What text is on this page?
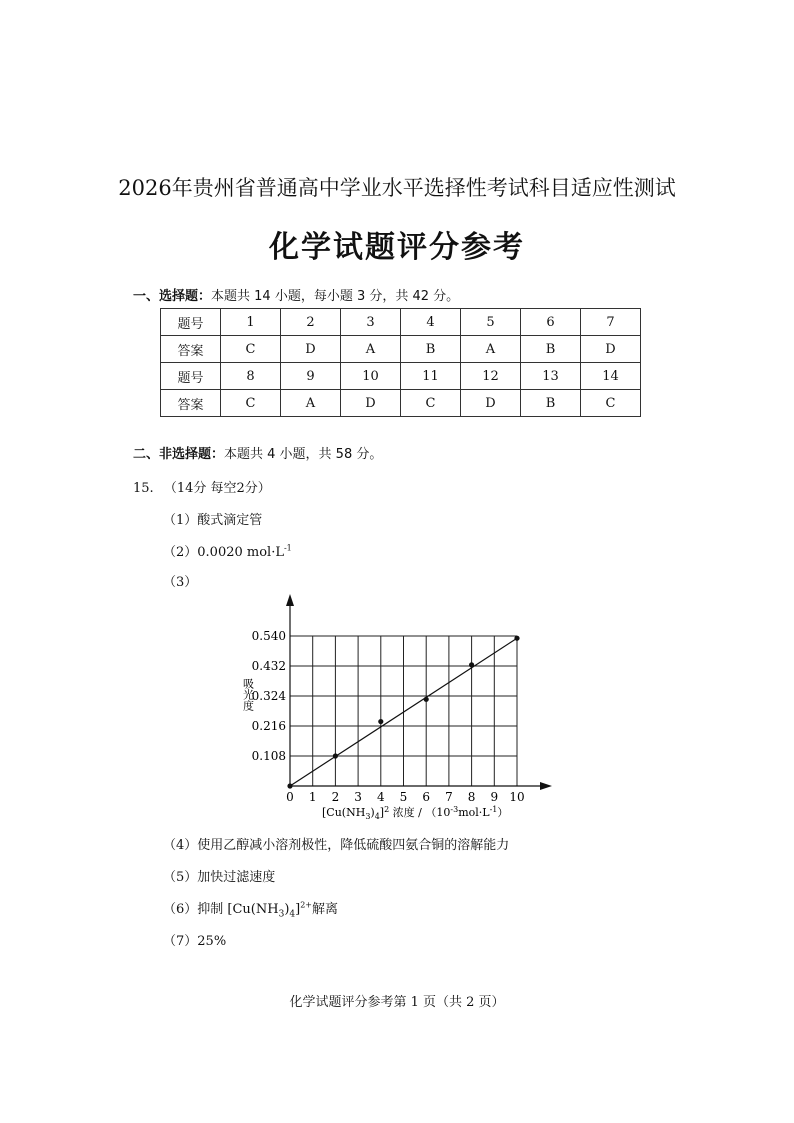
2026年贵州省普通高中学业水平选择性考试科目适应性测试
化学试题评分参考
一、选择题：本题共 14 小题，每小题 3 分，共 42 分。
题号	1	2	3	4	5	6	7
答案	C	D	A	B	A	B	D
题号	8	9	10	11	12	13	14
答案	C	A	D	C	D	B	C
二、非选择题：本题共 4 小题，共 58 分。
15. （14分 每空2分）
（1）酸式滴定管
（2）0.0020 $mol\cdot L^{-1}$
（3）
0 1 2 3 4 5 6 7 8 9 10
0.108
0.216
0.324
0.432
0.540
吸光度
$[Cu(NH_3)_4]^2$ 浓度 / $(10^{-3}mol\cdot L^{-1})$
（4）使用乙醇减小溶剂极性，降低硫酸四氨合铜的溶解能力
（5）加快过滤速度
（6）抑制 $[Cu(NH_3)_4]^{2+}$解离
（7）25%
化学试题评分参考第 1 页（共 2 页）
